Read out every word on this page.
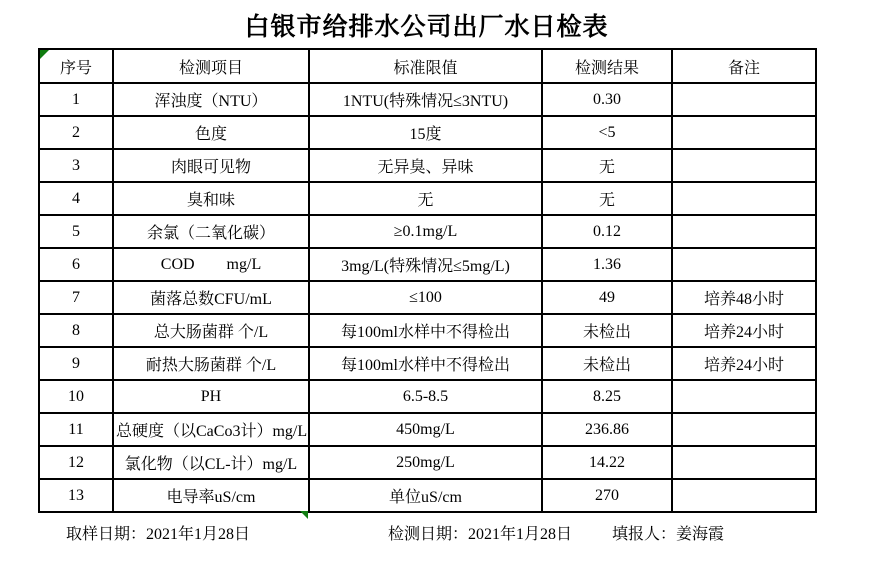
白银市给排水公司出厂水日检表
序号	检测项目	标准限值	检测结果	备注
1	浑浊度（NTU）	1NTU(特殊情况≤3NTU)	0.30	
2	色度	15度	<5	
3	肉眼可见物	无异臭、异味	无	
4	臭和味	无	无	
5	余氯（二氧化碳）	≥0.1mg/L	0.12	
6	COD        mg/L	3mg/L(特殊情况≤5mg/L)	1.36	
7	菌落总数CFU/mL	≤100	49	培养48小时
8	总大肠菌群 个/L	每100ml水样中不得检出	未检出	培养24小时
9	耐热大肠菌群 个/L	每100ml水样中不得检出	未检出	培养24小时
10	PH	6.5-8.5	8.25	
11	总硬度（以CaCo3计）mg/L	450mg/L	236.86	
12	氯化物（以CL-计）mg/L	250mg/L	14.22	
13	电导率uS/cm	单位uS/cm	270	
取样日期：2021年1月28日	检测日期：2021年1月28日 填报人：姜海霞
